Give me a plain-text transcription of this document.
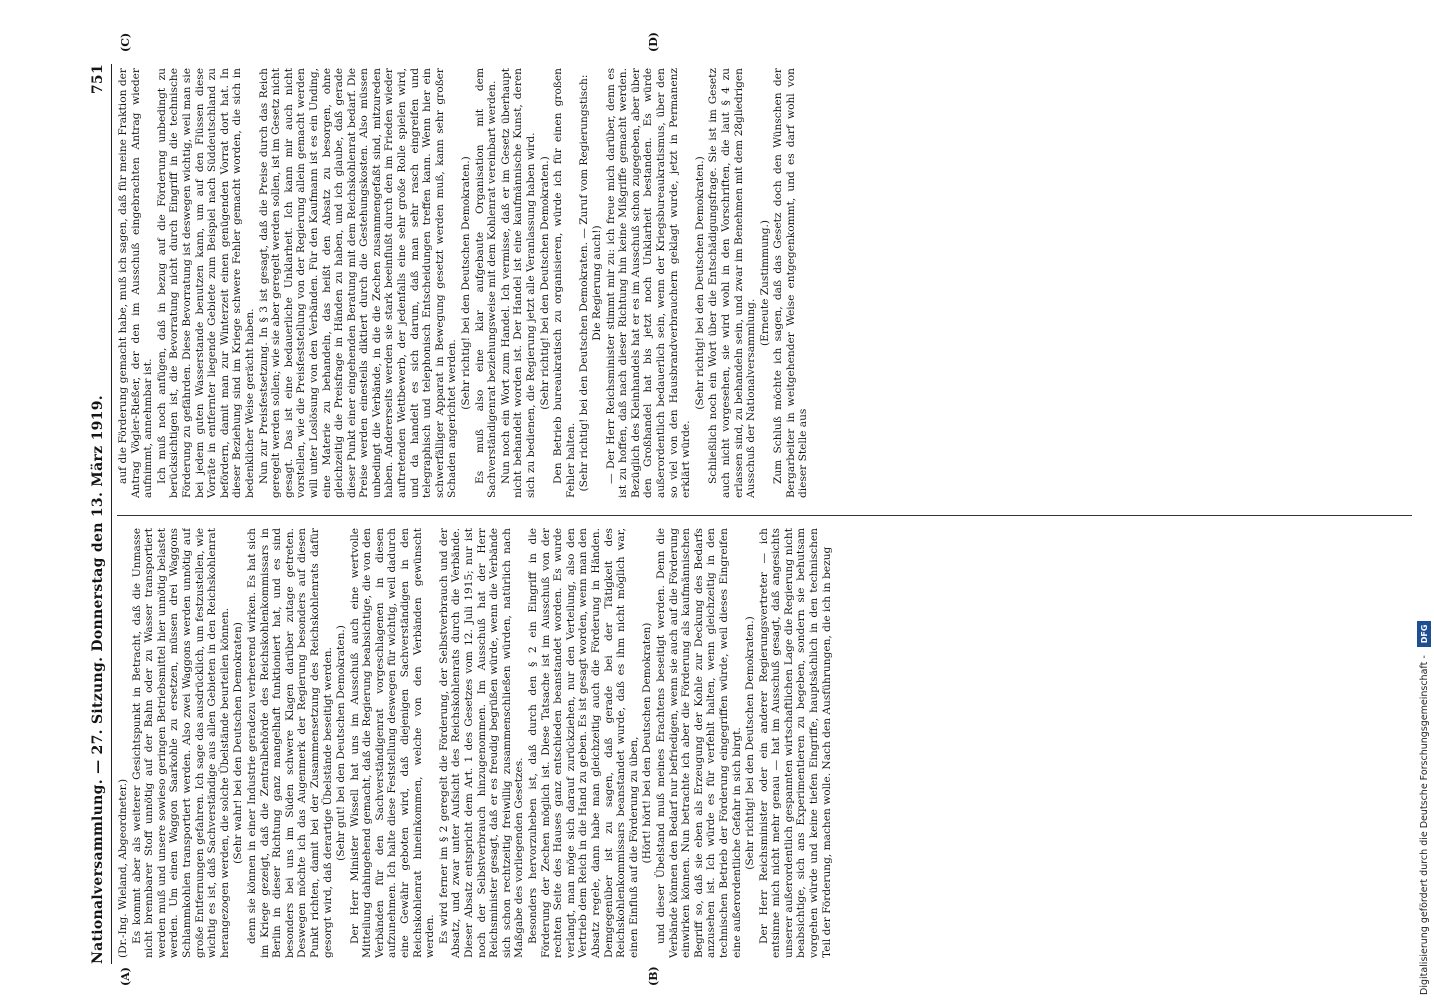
Nationalversammlung. — 27. Sitzung. Donnerstag den 13. März 1919.
751
(A)	(B)
(C)	(D)

(Dr.-Ing. Wieland, Abgeordneter.) Es kommt aber als weiterer Gesichtspunkt in Betracht, daß die Unmasse nicht brennbarer Stoff unnötig auf der Bahn oder zu Wasser transportiert werden muß und unsere sowieso geringen Betriebsmittel hier unnötig belastet werden. Um einen Waggon Saarkohle zu ersetzen, müssen drei Waggons Schlammkohlen transportiert werden. Also zwei Waggons werden unnötig auf große Entfernungen gefahren. Ich sage das ausdrücklich, um festzustellen, wie wichtig es ist, daß Sachverständige aus allen Gebieten in den Reichskohlenrat herangezogen werden, die solche Übelstände beurteilen können. (Sehr wahr! bei den Deutschen Demokraten) denn sie können in einer Industrie geradezu verheerend wirken. Es hat sich im Kriege gezeigt, daß die Zentralbehörde des Reichskohlenkommissars in Berlin in dieser Richtung ganz mangelhaft funktioniert hat, und es sind besonders bei uns im Süden schwere Klagen darüber zutage getreten. Deswegen möchte ich das Augenmerk der Regierung besonders auf diesen Punkt richten, damit bei der Zusammensetzung des Reichskohlenrats dafür gesorgt wird, daß derartige Übelstände beseitigt werden. (Sehr gut! bei den Deutschen Demokraten.) Der Herr Minister Wissell hat uns im Ausschuß auch eine wertvolle Mitteilung dahingehend gemacht, daß die Regierung beabsichtige, die von den Verbänden für den Sachverständigenrat vorgeschlagenen in diesen aufzunehmen. Ich halte diese Feststellung deswegen für wichtig, weil dadurch eine Gewähr geboten wird, daß diejenigen Sachverständigen in den Reichskohlenrat hineinkommen, welche von den Verbänden gewünscht werden. Es wird ferner im § 2 geregelt die Förderung, der Selbstverbrauch und der Absatz, und zwar unter Aufsicht des Reichskohlenrats durch die Verbände. Dieser Absatz entspricht dem Art. 1 des Gesetzes vom 12. Juli 1915; nur ist noch der Selbstverbrauch hinzugenommen. Im Ausschuß hat der Herr Reichsminister gesagt, daß er es freudig begrüßen würde, wenn die Verbände sich schon rechtzeitig freiwillig zusammenschließen würden, natürlich nach Maßgabe des vorliegenden Gesetzes. Besonders hervorzuheben ist, daß durch den § 2 ein Eingriff in die Förderung der Zechen möglich ist. Diese Tatsache ist im Ausschuß von der rechten Seite des Hauses ganz entschieden beanstandet worden. Es wurde verlangt, man möge sich darauf zurückziehen, nur den Verteilung, also den Vertrieb dem Reich in die Hand zu geben. Es ist gesagt worden, wenn man den Absatz regele, dann habe man gleichzeitig auch die Förderung in Händen. Demgegenüber ist zu sagen, daß gerade bei der Tätigkeit des Reichskohlenkommissars beanstandet wurde, daß es ihm nicht möglich war, einen Einfluß auf die Förderung zu üben, (Hört! hört! bei den Deutschen Demokraten) und dieser Übelstand muß meines Erachtens beseitigt werden. Denn die Verbände können den Bedarf nur befriedigen, wenn sie auch auf die Förderung einwirken können. Nun betrachte ich aber die Förderung als kaufmännischen Begriff so, daß sie eben als Erzeugung der Kohle zur Deckung des Bedarfs anzusehen ist. Ich würde es für verfehlt halten, wenn gleichzeitig in den technischen Betrieb der Förderung eingegriffen würde, weil dieses Eingreifen eine außerordentliche Gefahr in sich birgt. (Sehr richtig! bei den Deutschen Demokraten.) Der Herr Reichsminister oder ein anderer Regierungsvertreter — ich entsinne mich nicht mehr genau — hat im Ausschuß gesagt, daß angesichts unserer außerordentlich gespannten wirtschaftlichen Lage die Regierung nicht beabsichtige, sich ans Experimentieren zu begeben, sondern sie behutsam vorgehen würde und keine tiefen Eingriffe, hauptsächlich in den technischen Teil der Förderung, machen wolle. Nach den Ausführungen, die ich in bezug

auf die Förderung gemacht habe, muß ich sagen, daß für meine Fraktion der Antrag Vögler-Rießer, der den im Ausschuß eingebrachten Antrag wieder aufnimmt, annehmbar ist. Ich muß noch anfügen, daß in bezug auf die Förderung unbedingt zu berücksichtigen ist, die Bevorratung nicht durch Eingriff in die technische Förderung zu gefährden. Diese Bevorratung ist deswegen wichtig, weil man sie bei jedem guten Wasserstande benutzen kann, um auf den Flüssen diese Vorräte in entfernter liegende Gebiete zum Beispiel nach Süddeutschland zu befördern, damit man zur Winterzeit einen genügenden Vorrat dort hat. In dieser Beziehung sind im Kriege schwere Fehler gemacht worden, die sich in bedenklicher Weise gerächt haben. Nun zur Preisfestsetzung. In § 3 ist gesagt, daß die Preise durch das Reich geregelt werden sollen; wie sie aber geregelt werden sollen, ist im Gesetz nicht gesagt. Das ist eine bedauerliche Unklarheit. Ich kann mir auch nicht vorstellen, wie die Preisfeststellung von der Regierung allein gemacht werden will unter Loslösung von den Verbänden. Für den Kaufmann ist es ein Unding, eine Materie zu behandeln, das heißt den Absatz zu besorgen, ohne gleichzeitig die Preisfrage in Händen zu haben, und ich glaube, daß gerade dieser Punkt einer eingehenden Beratung mit dem Reichskohlenrat bedarf. Die Preise werden einesteils diktiert durch die Gestehungskosten. Also müssen unbedingt die Verbände, in die die Zechen zusammengefaßt sind, mitzureden haben. Andererseits werden sie stark beeinflußt durch den im Frieden wieder auftretenden Wettbewerb, der jedenfalls eine sehr große Rolle spielen wird, und da handelt es sich darum, daß man sehr rasch eingreifen und telegraphisch und telephonisch Entscheidungen treffen kann. Wenn hier ein schwerfälliger Apparat in Bewegung gesetzt werden muß, kann sehr großer Schaden angerichtet werden.

(Sehr richtig! bei den Deutschen Demokraten.) Es muß also eine klar aufgebaute Organisation mit dem Sachverständigenrat beziehungsweise mit dem Kohlenrat vereinbart werden. Nun noch ein Wort zum Handel. Ich vermisse, daß er im Gesetz überhaupt nicht behandelt worden ist. Der Handel ist eine kaufmännische Kunst, deren sich zu bedienen, die Regierung jetzt alle Veranlassung haben wird. (Sehr richtig! bei den Deutschen Demokraten.) Den Betrieb bureaukratisch zu organisieren, würde ich für einen großen Fehler halten. (Sehr richtig! bei den Deutschen Demokraten. — Zuruf vom Regierungstisch: Die Regierung auch!) — Der Herr Reichsminister stimmt mir zu: ich freue mich darüber, denn es ist zu hoffen, daß nach dieser Richtung hin keine Mißgriffe gemacht werden. Bezüglich des Kleinhandels hat er es im Ausschuß schon zugegeben, aber über den Großhandel hat bis jetzt noch Unklarheit bestanden. Es würde außerordentlich bedauerlich sein, wenn der Kriegsbureaukratismus, über den so viel von den Hausbrandverbrauchern geklagt wurde, jetzt in Permanenz erklärt würde.

(Sehr richtig! bei den Deutschen Demokraten.) Schließlich noch ein Wort über die Entschädigungsfrage. Sie ist im Gesetz auch nicht vorgesehen, sie wird wohl in den Vorschriften, die laut § 4 zu erlassen sind, zu behandeln sein, und zwar im Benehmen mit dem 28gliedrigen Ausschuß der Nationalversammlung.

(Erneute Zustimmung.) Zum Schluß möchte ich sagen, daß das Gesetz doch den Wünschen der Bergarbeiter in weitgehender Weise entgegenkommt, und es darf wohl von dieser Stelle aus

Digitalisierung gefördert durch die Deutsche Forschungsgemeinschaft -
DFG
